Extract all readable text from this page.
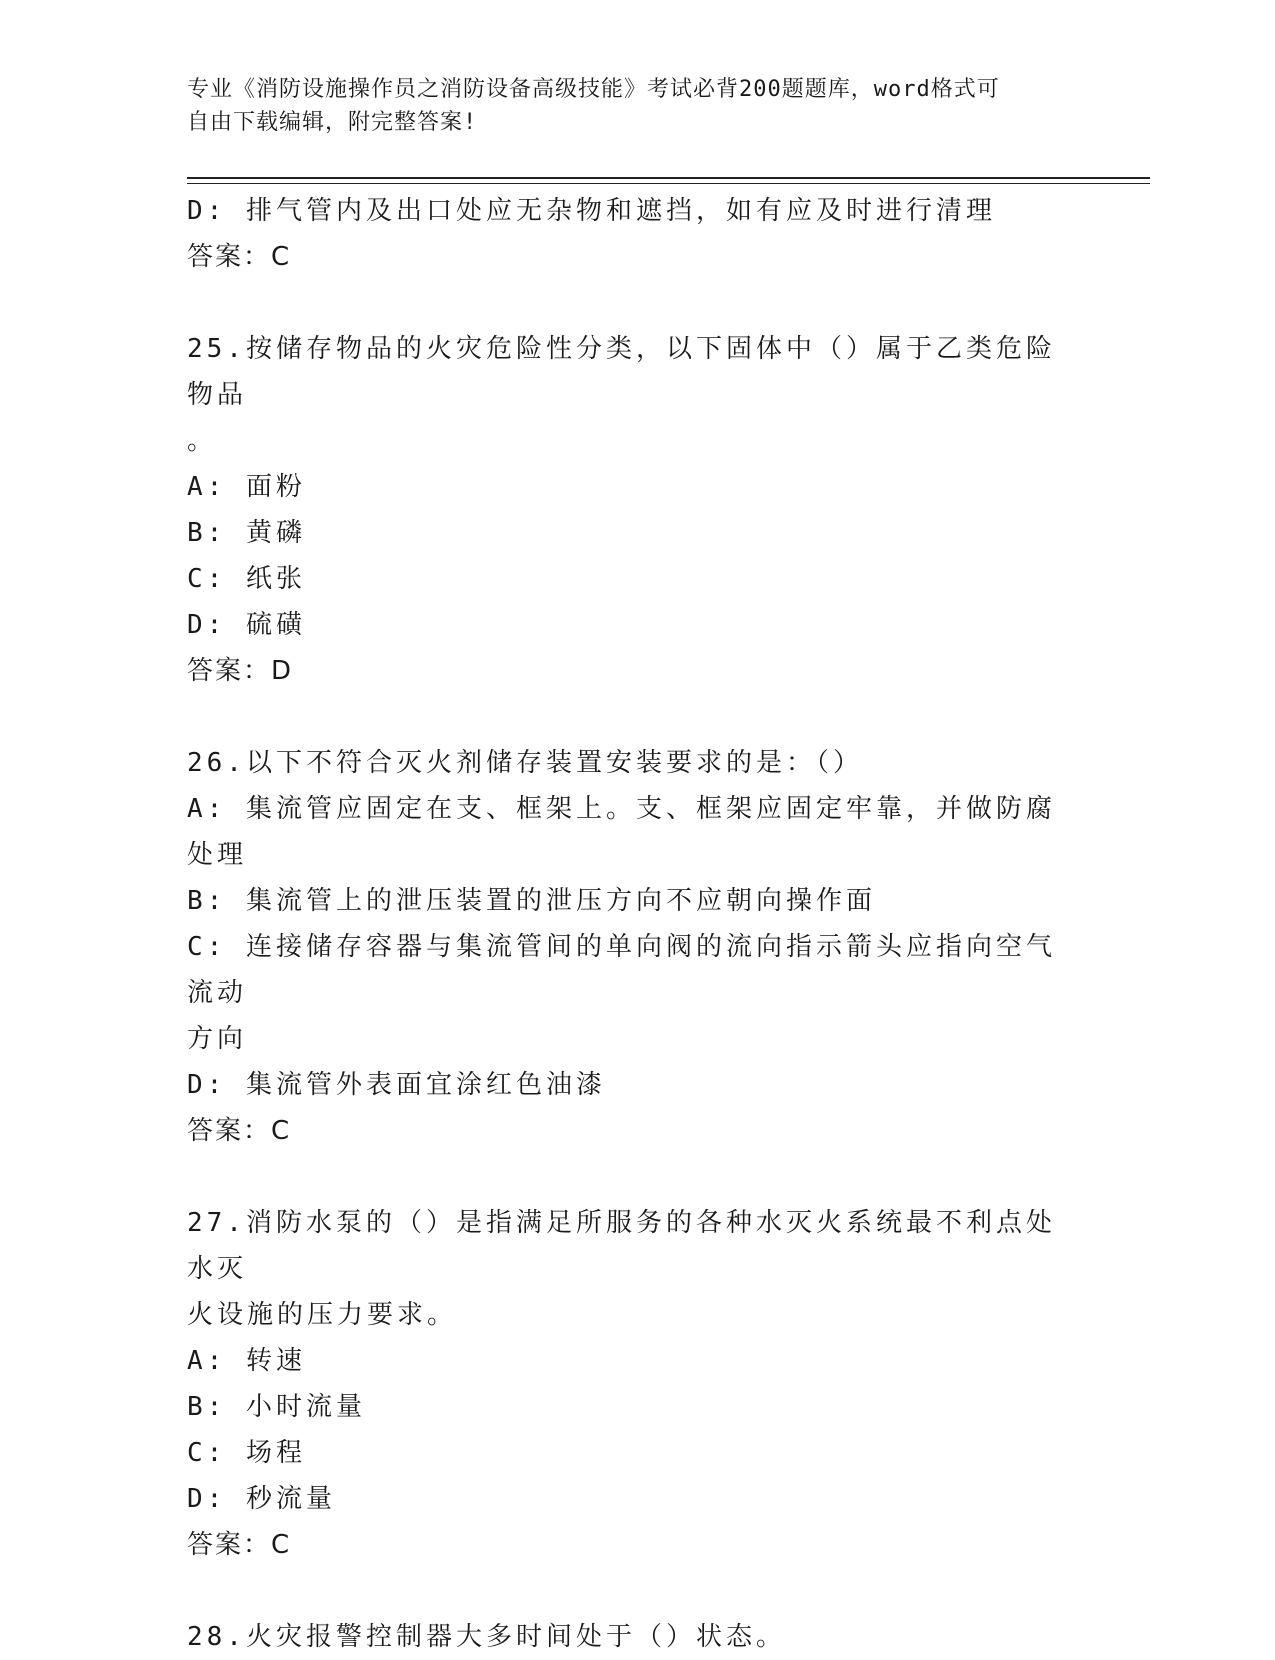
专业《消防设施操作员之消防设备高级技能》考试必背200题题库，word格式可
自由下载编辑，附完整答案!
D: 排气管内及出口处应无杂物和遮挡，如有应及时进行清理
答案：C
25.按储存物品的火灾危险性分类，以下固体中（）属于乙类危险物品
。
A: 面粉
B: 黄磷
C: 纸张
D: 硫磺
答案：D
26.以下不符合灭火剂储存装置安装要求的是：（）
A: 集流管应固定在支、框架上。支、框架应固定牢靠，并做防腐处理
B: 集流管上的泄压装置的泄压方向不应朝向操作面
C: 连接储存容器与集流管间的单向阀的流向指示箭头应指向空气流动
方向
D: 集流管外表面宜涂红色油漆
答案：C
27.消防水泵的（）是指满足所服务的各种水灭火系统最不利点处水灭
火设施的压力要求。
A: 转速
B: 小时流量
C: 场程
D: 秒流量
答案：C
28.火灾报警控制器大多时间处于（）状态。
